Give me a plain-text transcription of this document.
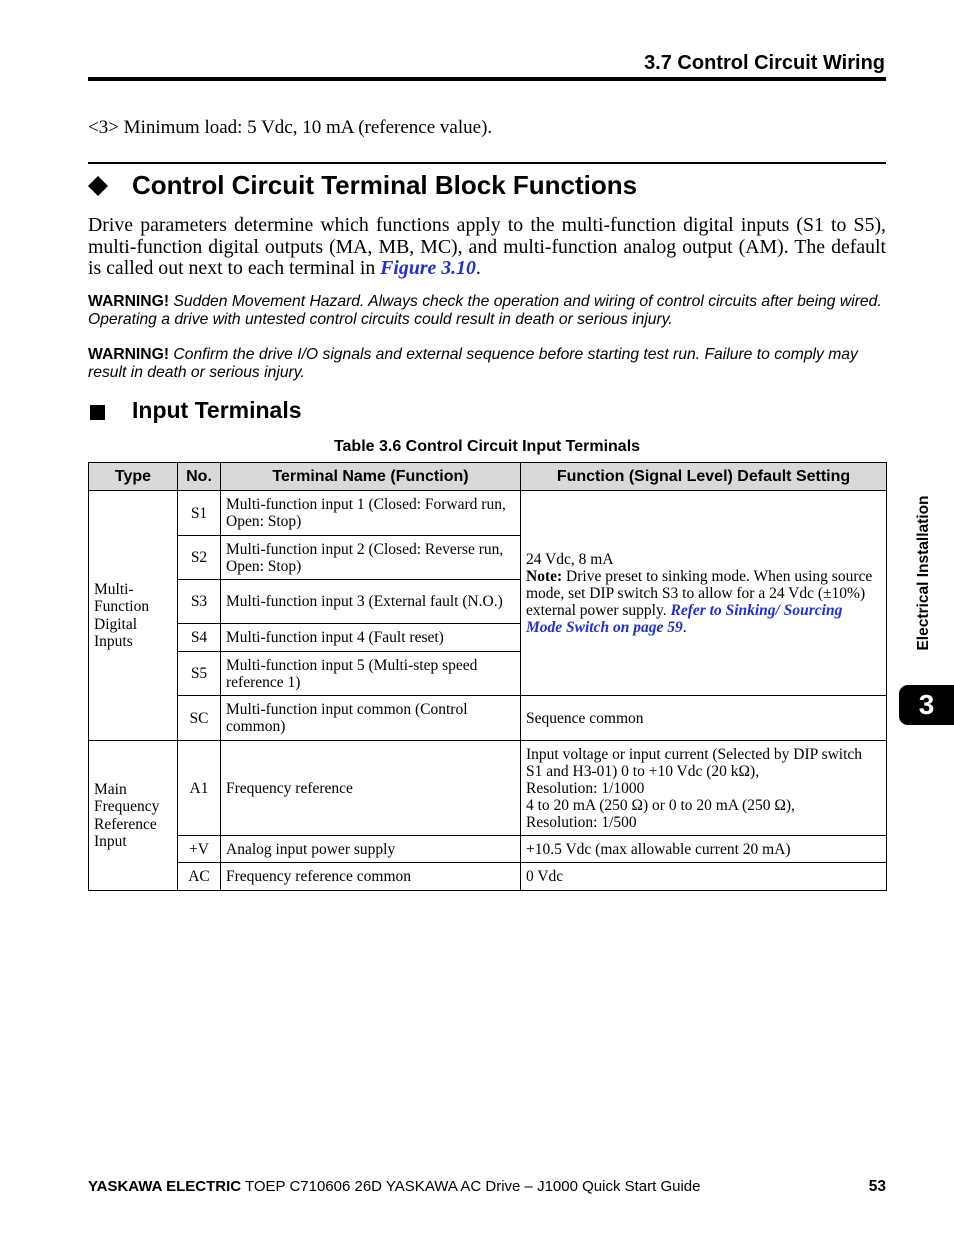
3.7 Control Circuit Wiring
<3> Minimum load: 5 Vdc, 10 mA (reference value).
Control Circuit Terminal Block Functions
Drive parameters determine which functions apply to the multi-function digital inputs (S1 to S5), multi-function digital outputs (MA, MB, MC), and multi-function analog output (AM). The default is called out next to each terminal in Figure 3.10.
WARNING! Sudden Movement Hazard. Always check the operation and wiring of control circuits after being wired. Operating a drive with untested control circuits could result in death or serious injury.
WARNING! Confirm the drive I/O signals and external sequence before starting test run. Failure to comply may result in death or serious injury.
Input Terminals
Table 3.6 Control Circuit Input Terminals
Type	No.	Terminal Name (Function)	Function (Signal Level) Default Setting
Multi-Function Digital Inputs	S1	Multi-function input 1 (Closed: Forward run, Open: Stop)	24 Vdc, 8 mA
Note: Drive preset to sinking mode. When using source mode, set DIP switch S3 to allow for a 24 Vdc (±10%) external power supply. Refer to Sinking/ Sourcing Mode Switch on page 59.

	S2	Multi-function input 2 (Closed: Reverse run, Open: Stop)	
	S3	Multi-function input 3 (External fault (N.O.)	
	S4	Multi-function input 4 (Fault reset)	
	S5	Multi-function input 5 (Multi-step speed reference 1)	
	SC	Multi-function input common (Control common)	Sequence common
Main Frequency Reference Input	A1	Frequency reference	Input voltage or input current (Selected by DIP switch S1 and H3-01) 0 to +10 Vdc (20 kΩ),
Resolution: 1/1000
4 to 20 mA (250 Ω) or 0 to 20 mA (250 Ω),
Resolution: 1/500

	+V	Analog input power supply	+10.5 Vdc (max allowable current 20 mA)
	AC	Frequency reference common	0 Vdc
Electrical Installation
3
YASKAWA ELECTRIC TOEP C710606 26D YASKAWA AC Drive – J1000 Quick Start Guide	53
